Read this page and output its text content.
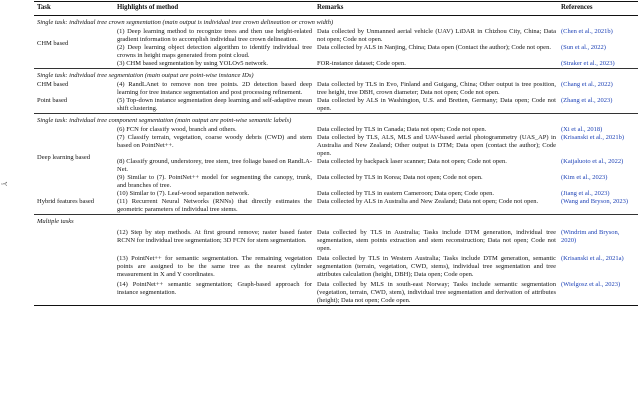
Â
Task	Highlights of method	Remarks	References
Single task: individual tree crown segmentation (main output is individual tree crown delineation or crown width)			
CHM based	(1) Deep learning method to recognize trees and then use height-related gradient information to accomplish individual tree crown delineation.	Data collected by Unmanned aerial vehicle (UAV) LiDAR in Chizhou City, China; Data not open; Code not open.	(Chen et al., 2021b)
	(2) Deep learning object detection algorithm to identify individual tree crowns in height maps generated from point cloud.	Data collected by ALS in Nanjing, China; Data open (Contact the author); Code not open.	(Sun et al., 2022)
	(3) CHM based segmentation by using YOLOv5 network.	FOR-instance dataset; Code open.	(Straker et al., 2023)
Single task: individual tree segmentation (main output are point-wise instance IDs)			
CHM based	(4) RandLAnet to remove non tree points. 2D detection based deep learning for tree instance segmentation and post processing refinement.	Data collected by TLS in Evo, Finland and Guigang, China; Other output is tree position, tree height, tree DBH, crown diameter; Data not open; Code not open.	(Chang et al., 2022)
Point based	(5) Top-down instance segmentation deep learning and self-adaptive mean shift clustering.	Data collected by ALS in Washington, U.S. and Bretten, Germany; Data open; Code not open.	(Zhang et al., 2023)
Single task: individual tree component segmentation (main output are point-wise semantic labels)			
Deep learning based	(6) FCN for classify wood, branch and others.	Data collected by TLS in Canada; Data not open; Code not open.	(Xi et al., 2018)
	(7) Classify terrain, vegetation, coarse woody debris (CWD) and stem based on PointNet++.	Data collected by TLS, ALS, MLS and UAV-based aerial photogrammetry (UAS_AP) in Australia and New Zealand; Other output is DTM; Data open (contact the author); Code open.	(Krisanski et al., 2021b)
	(8) Classify ground, understorey, tree stem, tree foliage based on RandLA-Net.	Data collected by backpack laser scanner; Data not open; Code not open.	(Kaijaluoto et al., 2022)
	(9) Similar to (7). PointNet++ model for segmenting the canopy, trunk, and branches of tree.	Data collected by TLS in Korea; Data not open; Code not open.	(Kim et al., 2023)
Hybrid features based	(10) Similar to (7). Leaf-wood separation network.	Data collected by TLS in eastern Cameroon; Data open; Code open.	(Jiang et al., 2023)
	(11) Recurrent Neural Networks (RNNs) that directly estimates the geometric parameters of individual tree stems.	Data collected by ALS in Australia and New Zealand; Data not open; Code not open.	(Wang and Bryson, 2023)
Multiple tasks			
	(12) Step by step methods. At first ground remove; raster based faster RCNN for individual tree segmentation; 3D FCN for stem segmentation.	Data collected by TLS in Australia; Tasks include DTM generation, individual tree segmentation, stem points extraction and stem reconstruction; Data not open; Code not open.	(Windrim and Bryson, 2020)
	(13) PointNet++ for semantic segmentation. The remaining vegetation points are assigned to be the same tree as the nearest cylinder measurement in X and Y coordinates.	Data collected by TLS in Western Australia; Tasks include DTM generation, semantic segmentation (terrain, vegetation, CWD, stems), individual tree segmentation and tree attributes calculation (height, DBH); Data open; Code open.	(Krisanski et al., 2021a)
	(14) PointNet++ semantic segmentation; Graph-based approach for instance segmentation.	Data collected by MLS in south-east Norway; Tasks include semantic segmentation (vegetation, terrain, CWD, stem), individual tree segmentation and derivation of attributes (height); Data not open; Code open.	(Wielgosz et al., 2023)
